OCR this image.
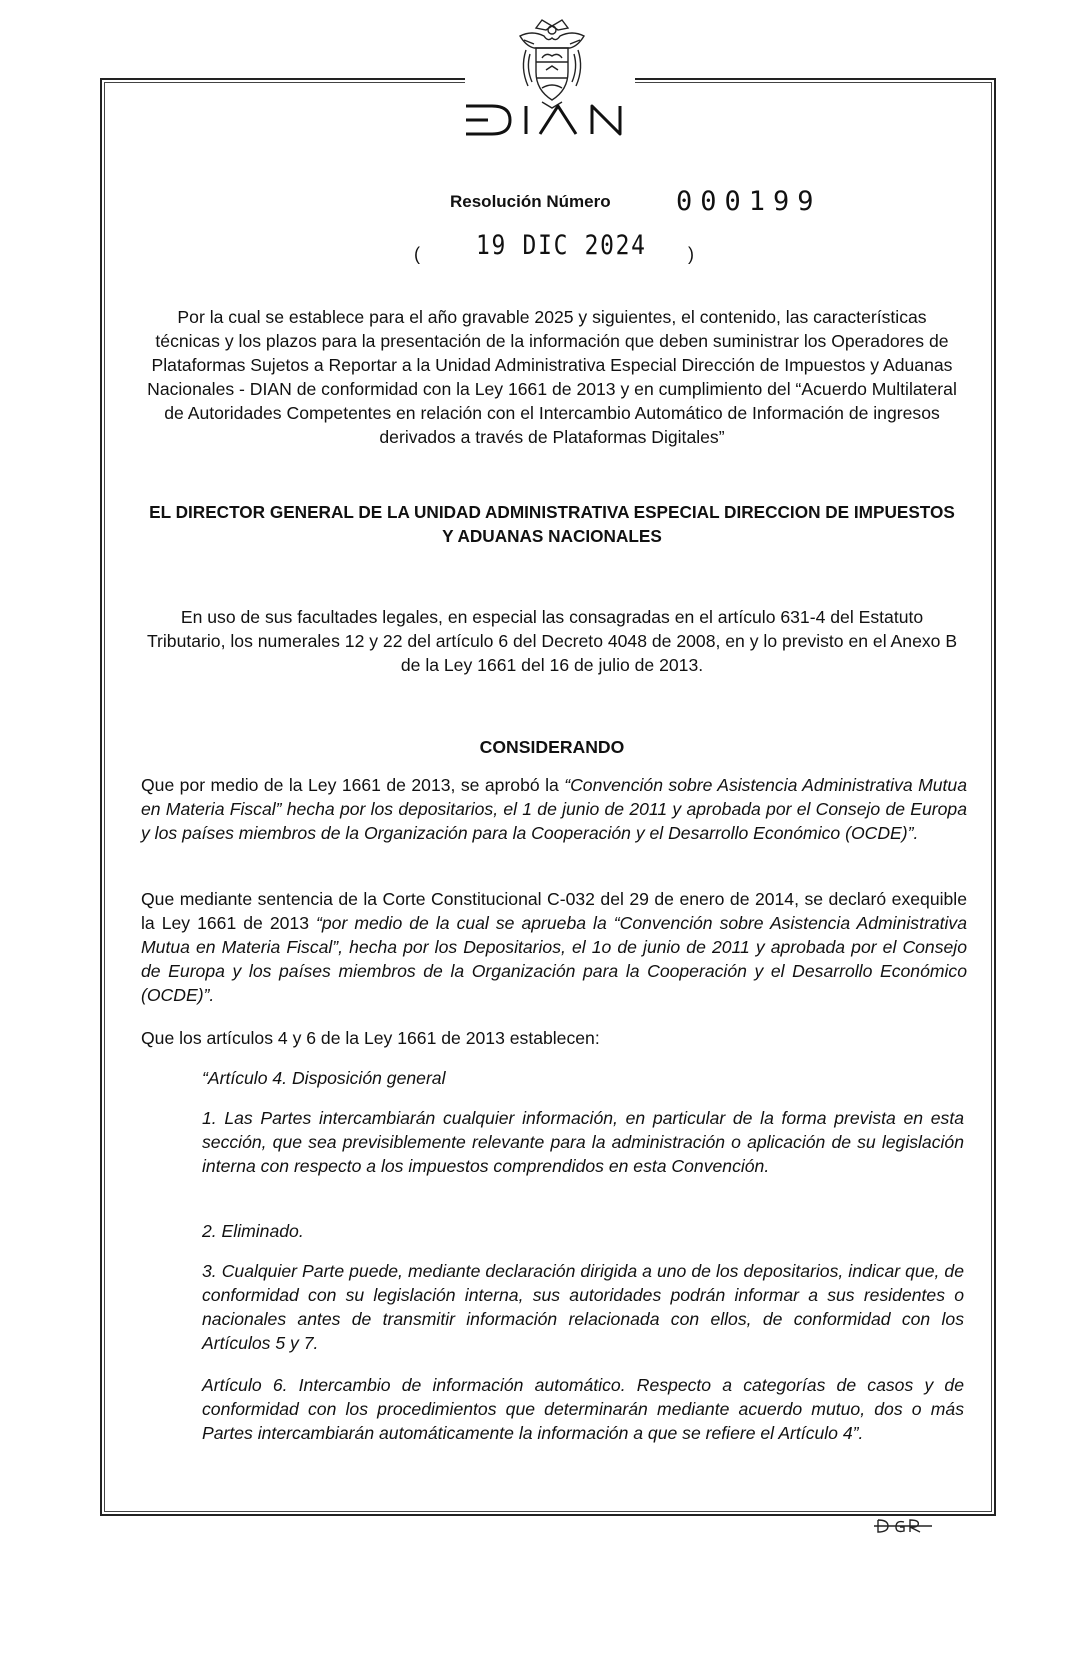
Resolución Número 000199
( 19 DIC 2024 )
Por la cual se establece para el año gravable 2025 y siguientes, el contenido, las características técnicas y los plazos para la presentación de la información que deben suministrar los Operadores de Plataformas Sujetos a Reportar a la Unidad Administrativa Especial Dirección de Impuestos y Aduanas Nacionales - DIAN de conformidad con la Ley 1661 de 2013 y en cumplimiento del “Acuerdo Multilateral de Autoridades Competentes en relación con el Intercambio Automático de Información de ingresos derivados a través de Plataformas Digitales”
EL DIRECTOR GENERAL DE LA UNIDAD ADMINISTRATIVA ESPECIAL DIRECCION DE IMPUESTOS Y ADUANAS NACIONALES
En uso de sus facultades legales, en especial las consagradas en el artículo 631-4 del Estatuto Tributario, los numerales 12 y 22 del artículo 6 del Decreto 4048 de 2008, en y lo previsto en el Anexo B de la Ley 1661 del 16 de julio de 2013.
CONSIDERANDO

Que por medio de la Ley 1661 de 2013, se aprobó la “Convención sobre Asistencia Administrativa Mutua en Materia Fiscal” hecha por los depositarios, el 1 de junio de 2011 y aprobada por el Consejo de Europa y los países miembros de la Organización para la Cooperación y el Desarrollo Económico (OCDE)”.

Que mediante sentencia de la Corte Constitucional C-032 del 29 de enero de 2014, se declaró exequible la Ley 1661 de 2013 “por medio de la cual se aprueba la “Convención sobre Asistencia Administrativa Mutua en Materia Fiscal”, hecha por los Depositarios, el 1o de junio de 2011 y aprobada por el Consejo de Europa y los países miembros de la Organización para la Cooperación y el Desarrollo Económico (OCDE)”.

Que los artículos 4 y 6 de la Ley 1661 de 2013 establecen:

“Artículo 4. Disposición general
1. Las Partes intercambiarán cualquier información, en particular de la forma prevista en esta sección, que sea previsiblemente relevante para la administración o aplicación de su legislación interna con respecto a los impuestos comprendidos en esta Convención.
2. Eliminado.
3. Cualquier Parte puede, mediante declaración dirigida a uno de los depositarios, indicar que, de conformidad con su legislación interna, sus autoridades podrán informar a sus residentes o nacionales antes de transmitir información relacionada con ellos, de conformidad con los Artículos 5 y 7.
Artículo 6. Intercambio de información automático. Respecto a categorías de casos y de conformidad con los procedimientos que determinarán mediante acuerdo mutuo, dos o más Partes intercambiarán automáticamente la información a que se refiere el Artículo 4”.
